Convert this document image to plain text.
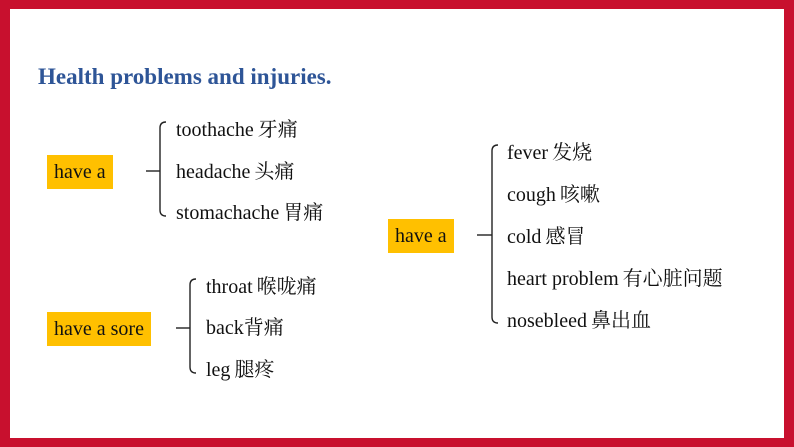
Health problems and injuries.
have a
toothache 牙痛
headache 头痛
stomachache 胃痛
have a sore
throat 喉咙痛
back背痛
leg 腿疼
have a
fever 发烧
cough 咳嗽
cold 感冒
heart problem 有心脏问题
nosebleed 鼻出血
